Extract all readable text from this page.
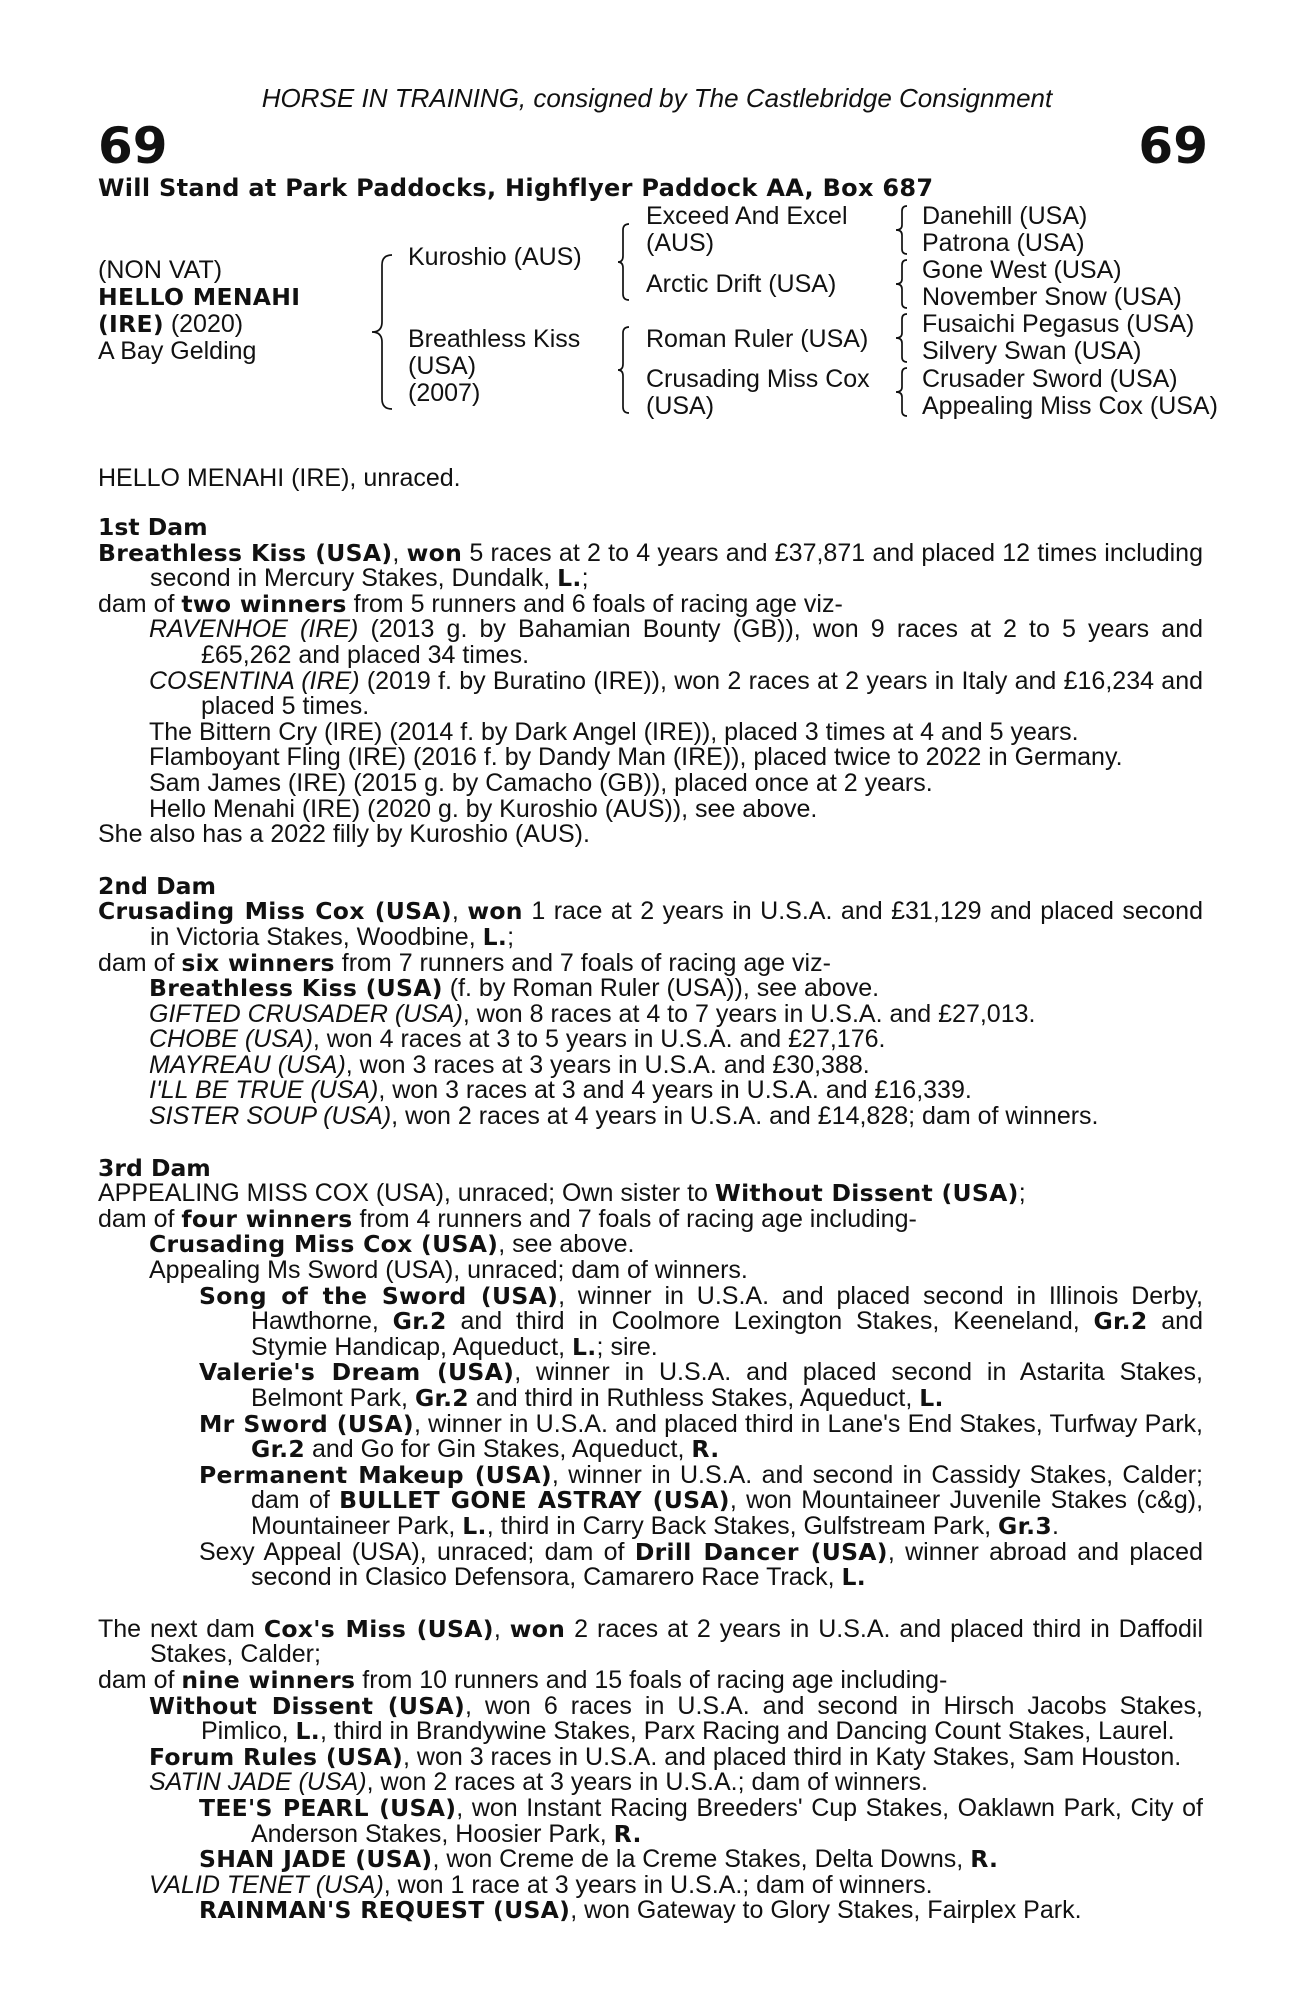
HORSE IN TRAINING, consigned by The Castlebridge Consignment
69	69
Will Stand at Park Paddocks, Highflyer Paddock AA, Box 687
(NON VAT)
HELLO MENAHI
(IRE) (2020)
A Bay Gelding
Kuroshio (AUS)
Breathless Kiss
(USA)
(2007)
Exceed And Excel
(AUS)
Arctic Drift (USA)
Roman Ruler (USA)
Crusading Miss Cox
(USA)
Danehill (USA)
Patrona (USA)
Gone West (USA)
November Snow (USA)
Fusaichi Pegasus (USA)
Silvery Swan (USA)
Crusader Sword (USA)
Appealing Miss Cox (USA)
HELLO MENAHI (IRE), unraced.
1st Dam
Breathless Kiss (USA), won 5 races at 2 to 4 years and £37,871 and placed 12 times including second in Mercury Stakes, Dundalk, L.;
dam of two winners from 5 runners and 6 foals of racing age viz-
RAVENHOE (IRE) (2013 g. by Bahamian Bounty (GB)), won 9 races at 2 to 5 years and £65,262 and placed 34 times.
COSENTINA (IRE) (2019 f. by Buratino (IRE)), won 2 races at 2 years in Italy and £16,234 and placed 5 times.
The Bittern Cry (IRE) (2014 f. by Dark Angel (IRE)), placed 3 times at 4 and 5 years.
Flamboyant Fling (IRE) (2016 f. by Dandy Man (IRE)), placed twice to 2022 in Germany.
Sam James (IRE) (2015 g. by Camacho (GB)), placed once at 2 years.
Hello Menahi (IRE) (2020 g. by Kuroshio (AUS)), see above.
She also has a 2022 filly by Kuroshio (AUS).
2nd Dam
Crusading Miss Cox (USA), won 1 race at 2 years in U.S.A. and £31,129 and placed second in Victoria Stakes, Woodbine, L.;
dam of six winners from 7 runners and 7 foals of racing age viz-
Breathless Kiss (USA) (f. by Roman Ruler (USA)), see above.
GIFTED CRUSADER (USA), won 8 races at 4 to 7 years in U.S.A. and £27,013.
CHOBE (USA), won 4 races at 3 to 5 years in U.S.A. and £27,176.
MAYREAU (USA), won 3 races at 3 years in U.S.A. and £30,388.
I'LL BE TRUE (USA), won 3 races at 3 and 4 years in U.S.A. and £16,339.
SISTER SOUP (USA), won 2 races at 4 years in U.S.A. and £14,828; dam of winners.
3rd Dam
APPEALING MISS COX (USA), unraced; Own sister to Without Dissent (USA);
dam of four winners from 4 runners and 7 foals of racing age including-
Crusading Miss Cox (USA), see above.
Appealing Ms Sword (USA), unraced; dam of winners.
Song of the Sword (USA), winner in U.S.A. and placed second in Illinois Derby, Hawthorne, Gr.2 and third in Coolmore Lexington Stakes, Keeneland, Gr.2 and Stymie Handicap, Aqueduct, L.; sire.
Valerie's Dream (USA), winner in U.S.A. and placed second in Astarita Stakes, Belmont Park, Gr.2 and third in Ruthless Stakes, Aqueduct, L.
Mr Sword (USA), winner in U.S.A. and placed third in Lane's End Stakes, Turfway Park, Gr.2 and Go for Gin Stakes, Aqueduct, R.
Permanent Makeup (USA), winner in U.S.A. and second in Cassidy Stakes, Calder; dam of BULLET GONE ASTRAY (USA), won Mountaineer Juvenile Stakes (c&g), Mountaineer Park, L., third in Carry Back Stakes, Gulfstream Park, Gr.3.
Sexy Appeal (USA), unraced; dam of Drill Dancer (USA), winner abroad and placed second in Clasico Defensora, Camarero Race Track, L.
The next dam Cox's Miss (USA), won 2 races at 2 years in U.S.A. and placed third in Daffodil Stakes, Calder;
dam of nine winners from 10 runners and 15 foals of racing age including-
Without Dissent (USA), won 6 races in U.S.A. and second in Hirsch Jacobs Stakes, Pimlico, L., third in Brandywine Stakes, Parx Racing and Dancing Count Stakes, Laurel.
Forum Rules (USA), won 3 races in U.S.A. and placed third in Katy Stakes, Sam Houston.
SATIN JADE (USA), won 2 races at 3 years in U.S.A.; dam of winners.
TEE'S PEARL (USA), won Instant Racing Breeders' Cup Stakes, Oaklawn Park, City of Anderson Stakes, Hoosier Park, R.
SHAN JADE (USA), won Creme de la Creme Stakes, Delta Downs, R.
VALID TENET (USA), won 1 race at 3 years in U.S.A.; dam of winners.
RAINMAN'S REQUEST (USA), won Gateway to Glory Stakes, Fairplex Park.
